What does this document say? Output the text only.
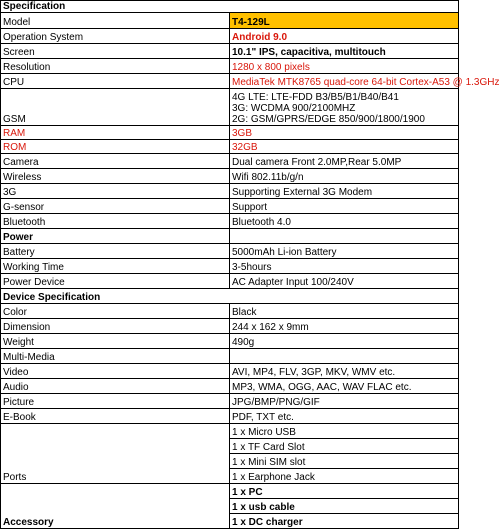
Specification	
Model	T4-129L
Operation System	Android 9.0
Screen	10.1" IPS, capacitiva, multitouch
Resolution	1280 x 800 pixels
CPU	MediaTek MTK8765 quad-core 64-bit Cortex-A53 @ 1.3GHz
GSM	4G LTE: LTE-FDD B3/B5/B1/B40/B41
3G: WCDMA 900/2100MHZ
2G: GSM/GPRS/EDGE 850/900/1800/1900

RAM	3GB
ROM	32GB
Camera	Dual camera Front 2.0MP,Rear 5.0MP
Wireless	Wifi 802.11b/g/n
3G	Supporting External 3G Modem
G-sensor	Support
Bluetooth	Bluetooth 4.0
Power	
Battery	5000mAh Li-ion Battery
Working Time	3-5hours
Power Device	AC Adapter Input 100/240V
Device Specification	
Color	Black
Dimension	244 x 162 x 9mm
Weight	490g
Multi-Media	
Video	AVI, MP4, FLV, 3GP, MKV, WMV etc.
Audio	MP3, WMA, OGG, AAC, WAV FLAC etc.
Picture	JPG/BMP/PNG/GIF
E-Book	PDF, TXT etc.
Ports	1 x Micro USB
	1 x TF Card Slot
	1 x Mini SIM slot
	1 x Earphone Jack
Accessory	1 x PC
	1 x usb cable
	1 x DC charger
